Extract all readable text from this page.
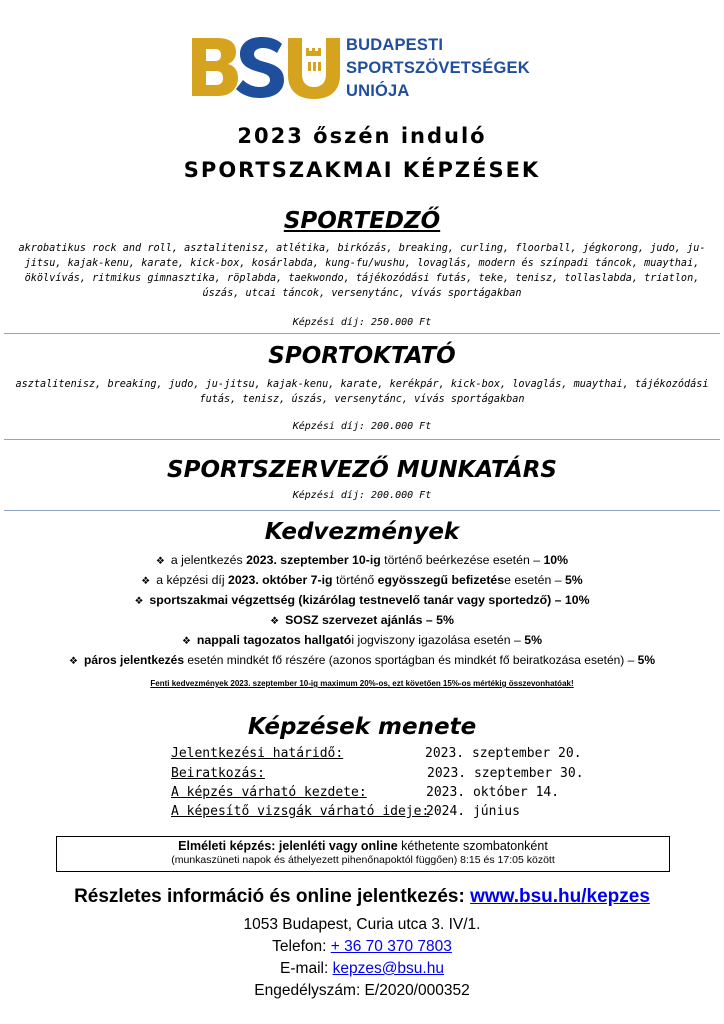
BUDAPESTI
SPORTSZÖVETSÉGEK
UNIÓJA
2023 őszén induló
SPORTSZAKMAI KÉPZÉSEK
SPORTEDZŐ
akrobatikus rock and roll, asztalitenisz, atlétika, birkózás, breaking, curling, floorball, jégkorong, judo, ju-jitsu, kajak-kenu, karate, kick-box, kosárlabda, kung-fu/wushu, lovaglás, modern és színpadi táncok, muaythai, ökölvívás, ritmikus gimnasztika, röplabda, taekwondo, tájékozódási futás, teke, tenisz, tollaslabda, triatlon, úszás, utcai táncok, versenytánc, vívás sportágakban
Képzési díj: 250.000 Ft
SPORTOKTATÓ
asztalitenisz, breaking, judo, ju-jitsu, kajak-kenu, karate, kerékpár, kick-box, lovaglás, muaythai, tájékozódási futás, tenisz, úszás, versenytánc, vívás sportágakban
Képzési díj: 200.000 Ft
SPORTSZERVEZŐ MUNKATÁRS
Képzési díj: 200.000 Ft
Kedvezmények
❖ a jelentkezés 2023. szeptember 10-ig történő beérkezése esetén – 10%
❖ a képzési díj 2023. október 7-ig történő egyösszegű befizetése esetén – 5%
❖ sportszakmai végzettség (kizárólag testnevelő tanár vagy sportedző) – 10%
❖ SOSZ szervezet ajánlás – 5%
❖ nappali tagozatos hallgatói jogviszony igazolása esetén – 5%
❖ páros jelentkezés esetén mindkét fő részére (azonos sportágban és mindkét fő beiratkozása esetén) – 5%
Fenti kedvezmények 2023. szeptember 10-ig maximum 20%-os, ezt követően 15%-os mértékig összevonhatóak!
Képzések menete
Jelentkezési határidő:	2023. szeptember 20.
Beiratkozás:	2023. szeptember 30.
A képzés várható kezdete:	2023. október 14.
A képesítő vizsgák várható ideje:
2024. június
Elméleti képzés: jelenléti vagy online kéthetente szombatonként
(munkaszüneti napok és áthelyezett pihenőnapoktól függően) 8:15 és 17:05 között
Részletes információ és online jelentkezés: www.bsu.hu/kepzes
1053 Budapest, Curia utca 3. IV/1.
Telefon: + 36 70 370 7803
E-mail: kepzes@bsu.hu
Engedélyszám: E/2020/000352
